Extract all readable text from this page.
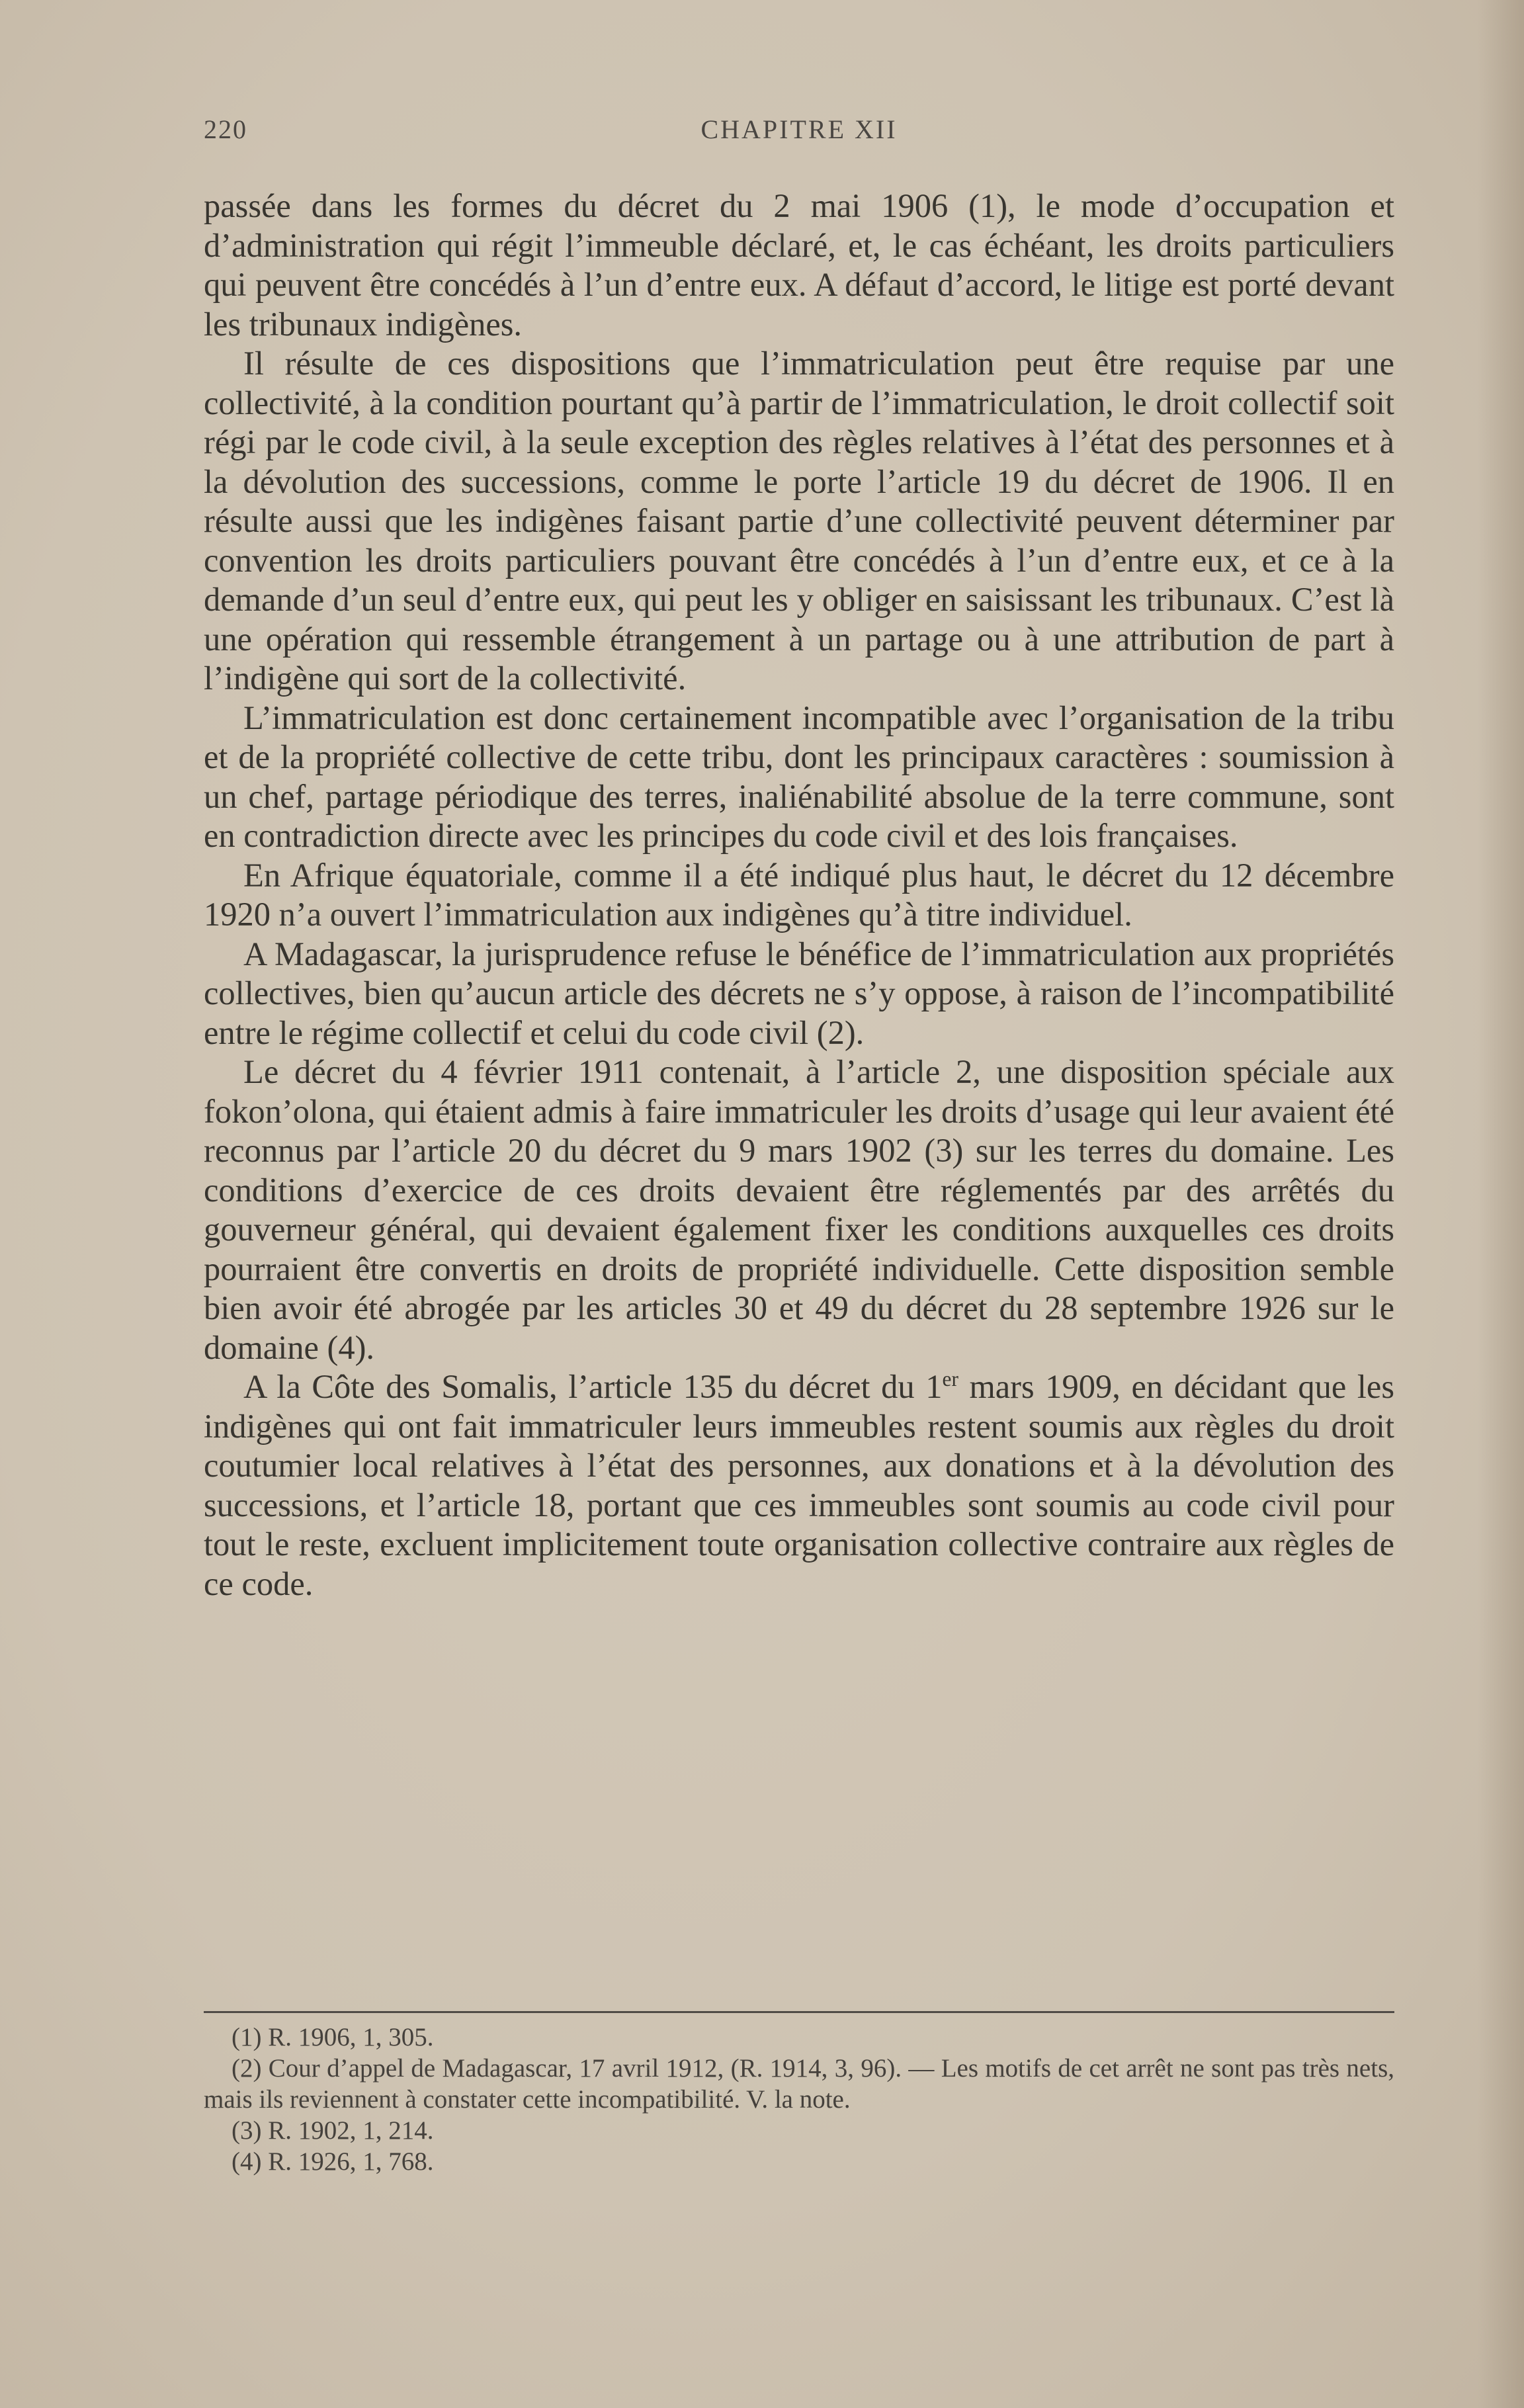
220	CHAPITRE XII

passée dans les formes du décret du 2 mai 1906 (1), le mode d’occupation et d’administration qui régit l’immeuble déclaré, et, le cas échéant, les droits particuliers qui peuvent être concédés à l’un d’entre eux. A défaut d’accord, le litige est porté devant les tribunaux indigènes.

Il résulte de ces dispositions que l’immatriculation peut être requise par une collectivité, à la condition pourtant qu’à partir de l’immatriculation, le droit collectif soit régi par le code civil, à la seule exception des règles relatives à l’état des personnes et à la dévolution des successions, comme le porte l’article 19 du décret de 1906. Il en résulte aussi que les indigènes faisant partie d’une collectivité peuvent déterminer par convention les droits particuliers pouvant être concédés à l’un d’entre eux, et ce à la demande d’un seul d’entre eux, qui peut les y obliger en saisissant les tribunaux. C’est là une opération qui ressemble étrangement à un partage ou à une attribution de part à l’indigène qui sort de la collectivité.

L’immatriculation est donc certainement incompatible avec l’organisation de la tribu et de la propriété collective de cette tribu, dont les principaux caractères : soumission à un chef, partage périodique des terres, inaliénabilité absolue de la terre commune, sont en contradiction directe avec les principes du code civil et des lois françaises.

En Afrique équatoriale, comme il a été indiqué plus haut, le décret du 12 décembre 1920 n’a ouvert l’immatriculation aux indigènes qu’à titre individuel.

A Madagascar, la jurisprudence refuse le bénéfice de l’immatriculation aux propriétés collectives, bien qu’aucun article des décrets ne s’y oppose, à raison de l’incompatibilité entre le régime collectif et celui du code civil (2).

Le décret du 4 février 1911 contenait, à l’article 2, une disposition spéciale aux fokon’olona, qui étaient admis à faire immatriculer les droits d’usage qui leur avaient été reconnus par l’article 20 du décret du 9 mars 1902 (3) sur les terres du domaine. Les conditions d’exercice de ces droits devaient être réglementés par des arrêtés du gouverneur général, qui devaient également fixer les conditions auxquelles ces droits pourraient être convertis en droits de propriété individuelle. Cette disposition semble bien avoir été abrogée par les articles 30 et 49 du décret du 28 septembre 1926 sur le domaine (4).

A la Côte des Somalis, l’article 135 du décret du 1er mars 1909, en décidant que les indigènes qui ont fait immatriculer leurs immeubles restent soumis aux règles du droit coutumier local relatives à l’état des personnes, aux donations et à la dévolution des successions, et l’article 18, portant que ces immeubles sont soumis au code civil pour tout le reste, excluent implicitement toute organisation collective contraire aux règles de ce code.

(1) R. 1906, 1, 305.

(2) Cour d’appel de Madagascar, 17 avril 1912, (R. 1914, 3, 96). — Les motifs de cet arrêt ne sont pas très nets, mais ils reviennent à constater cette incompatibilité. V. la note.

(3) R. 1902, 1, 214.

(4) R. 1926, 1, 768.
